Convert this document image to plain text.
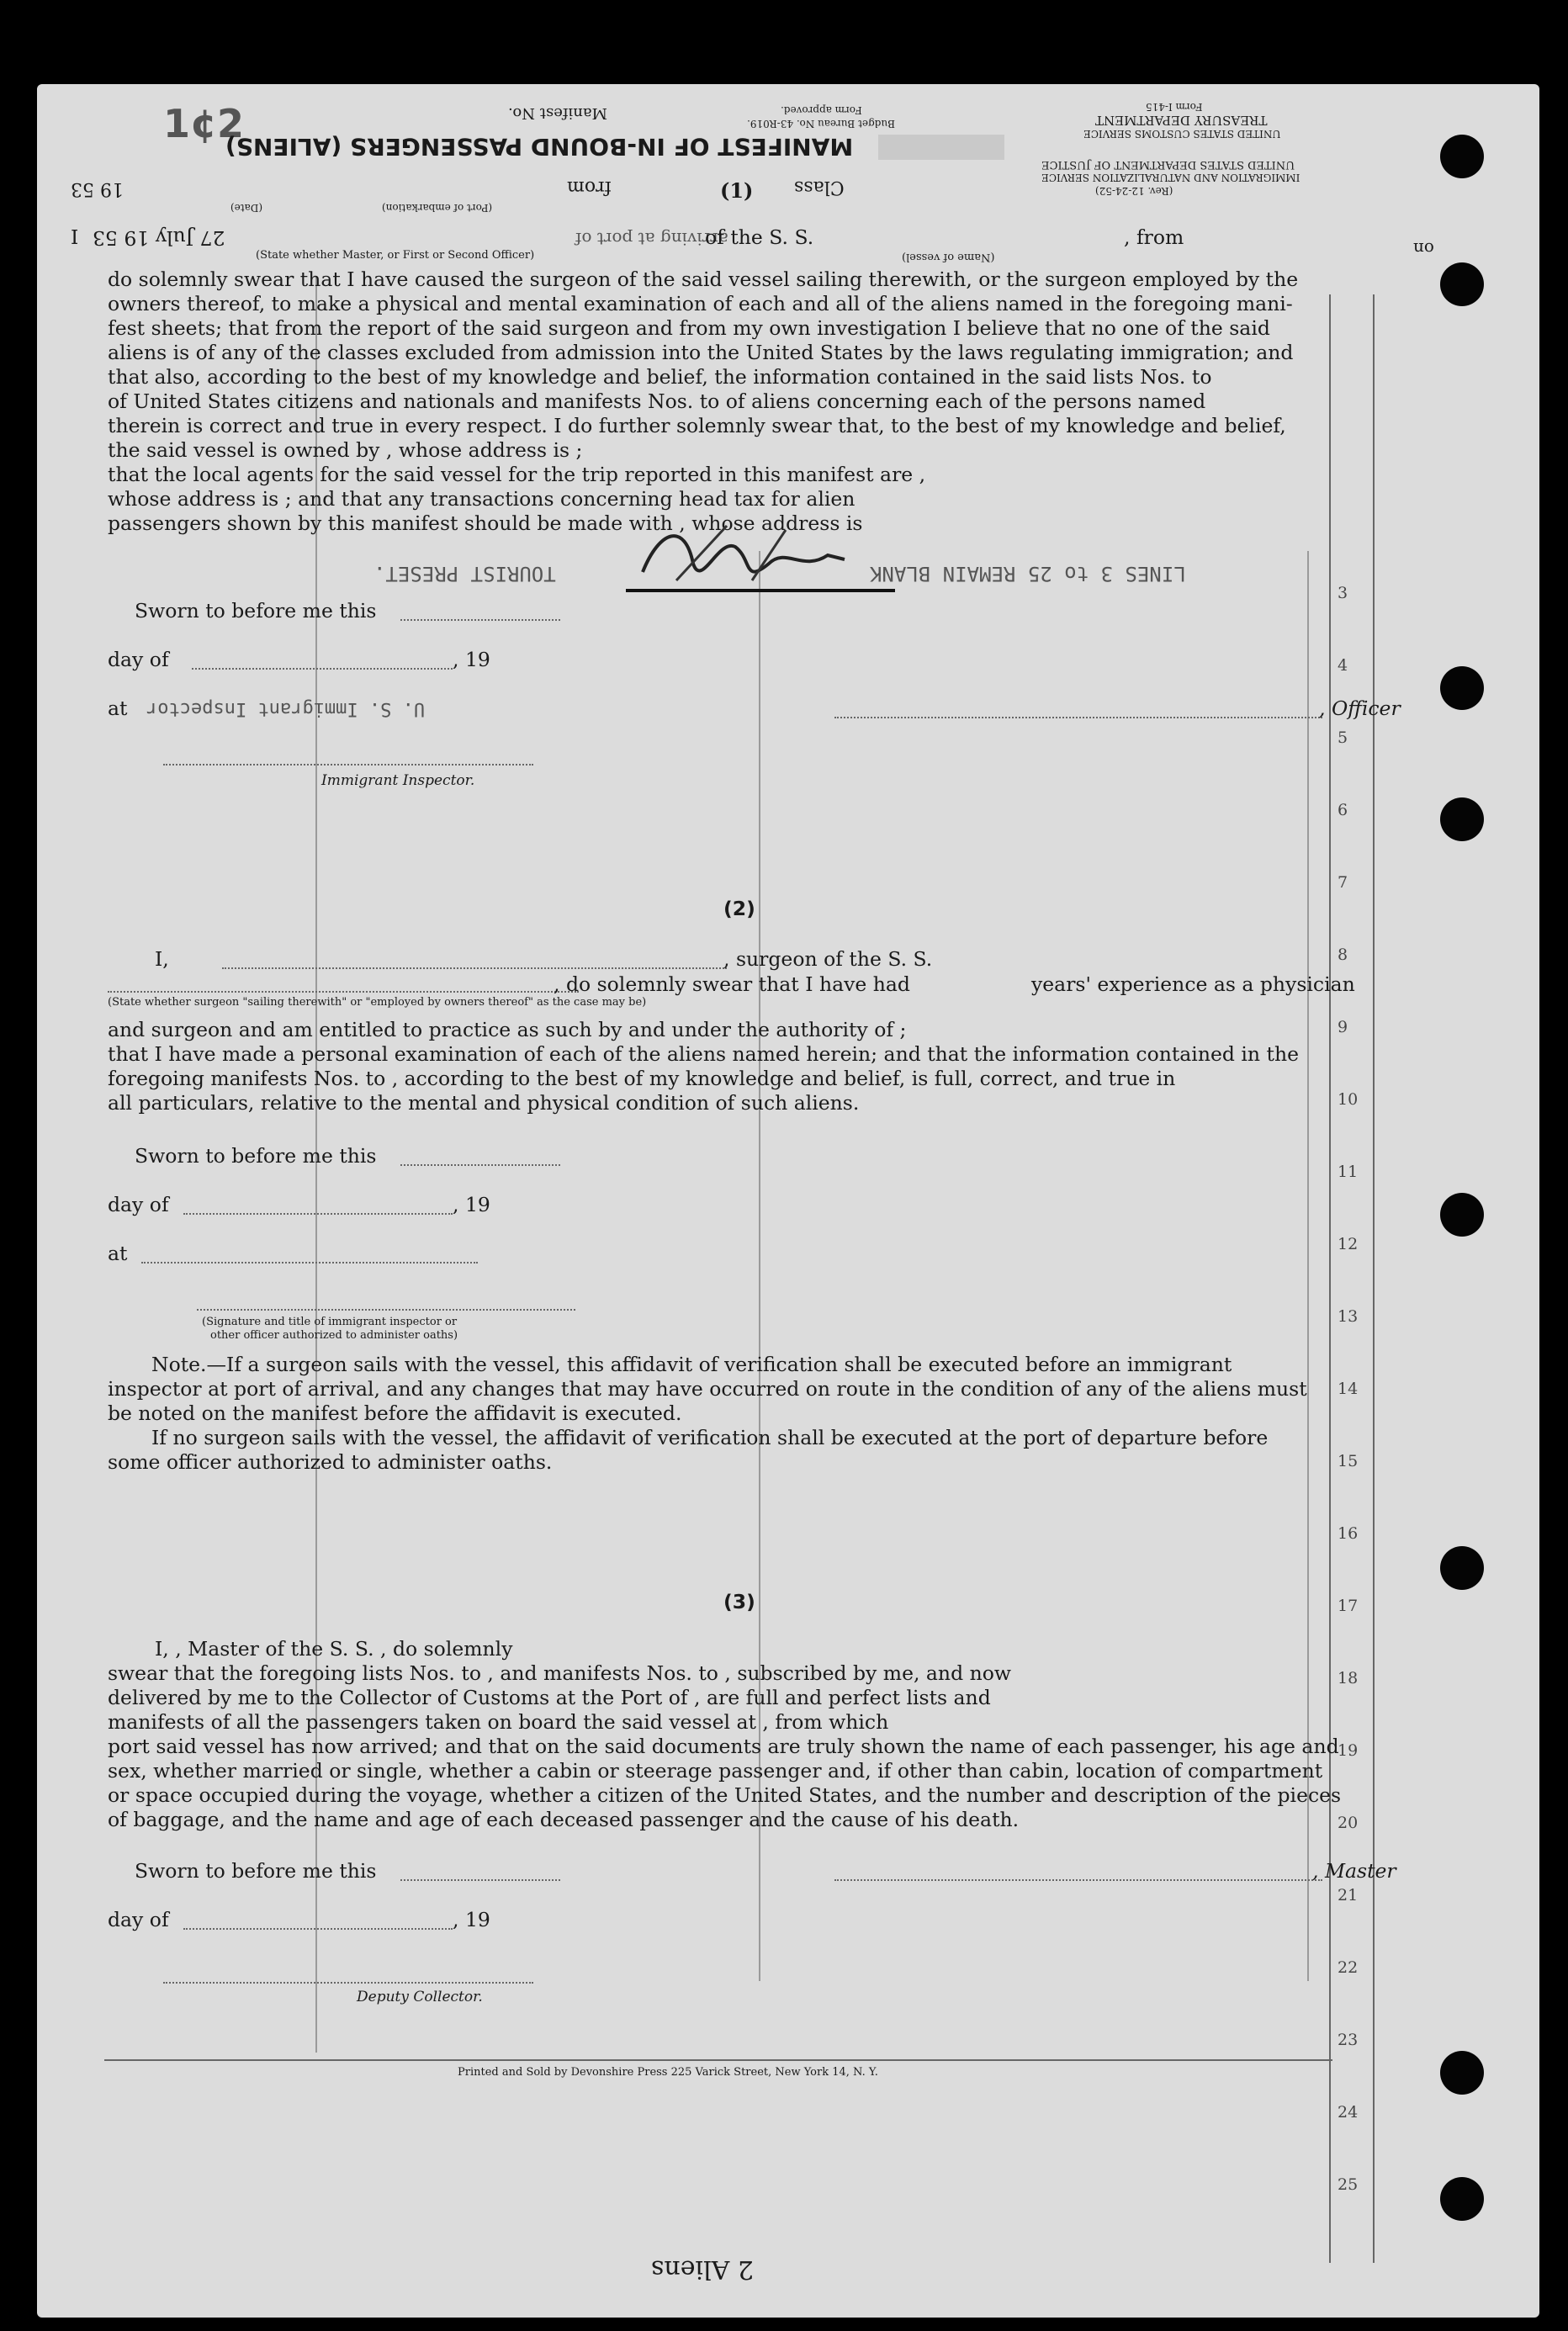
1¢2	Manifest No.
MANIFEST OF IN-BOUND PASSENGERS (ALIENS)
Form approved.
Budget Bureau No. 43-R019.
Form I-415
TREASURY DEPARTMENT
UNITED STATES CUSTOMS SERVICE
UNITED STATES DEPARTMENT OF JUSTICE
IMMIGRATION AND NATURALIZATION SERVICE
(Rev. 12-24-52)
Class
from
19 53
(Date)	(Port of embarkation)
(1)
I 27 July 19 53	arriving at port of
of the S. S.	, from	on
(State whether Master, or First or Second Officer)	(Name of vessel)
do solemnly swear that I have caused the surgeon of the said vessel sailing therewith, or the surgeon employed by the
owners thereof, to make a physical and mental examination of each and all of the aliens named in the foregoing mani-
fest sheets; that from the report of the said surgeon and from my own investigation I believe that no one of the said
aliens is of any of the classes excluded from admission into the United States by the laws regulating immigration; and
that also, according to the best of my knowledge and belief, the information contained in the said lists Nos. to
of United States citizens and nationals and manifests Nos. to of aliens concerning each of the persons named
therein is correct and true in every respect. I do further solemnly swear that, to the best of my knowledge and belief,
the said vessel is owned by , whose address is ;
that the local agents for the said vessel for the trip reported in this manifest are ,
whose address is ; and that any transactions concerning head tax for alien
passengers shown by this manifest should be made with , whose address is
TOURIST PRESET.	LINES 3 to 25 REMAIN BLANK
Sworn to before me this
day of	, 19
at U. S. Immigrant Inspector	, Officer
Immigrant Inspector.
(2)
I,	, surgeon of the S. S.
, do solemnly swear that I have had	years' experience as a physician
(State whether surgeon "sailing therewith" or "employed by owners thereof" as the case may be)
and surgeon and am entitled to practice as such by and under the authority of ;
that I have made a personal examination of each of the aliens named herein; and that the information contained in the
foregoing manifests Nos. to , according to the best of my knowledge and belief, is full, correct, and true in
all particulars, relative to the mental and physical condition of such aliens.
Sworn to before me this
day of	, 19
at
(Signature and title of immigrant inspector or
other officer authorized to administer oaths)
Note.—If a surgeon sails with the vessel, this affidavit of verification shall be executed before an immigrant
inspector at port of arrival, and any changes that may have occurred on route in the condition of any of the aliens must
be noted on the manifest before the affidavit is executed.
If no surgeon sails with the vessel, the affidavit of verification shall be executed at the port of departure before
some officer authorized to administer oaths.
(3)
I, , Master of the S. S. , do solemnly
swear that the foregoing lists Nos. to , and manifests Nos. to , subscribed by me, and now
delivered by me to the Collector of Customs at the Port of , are full and perfect lists and
manifests of all the passengers taken on board the said vessel at , from which
port said vessel has now arrived; and that on the said documents are truly shown the name of each passenger, his age and
sex, whether married or single, whether a cabin or steerage passenger and, if other than cabin, location of compartment
or space occupied during the voyage, whether a citizen of the United States, and the number and description of the pieces
of baggage, and the name and age of each deceased passenger and the cause of his death.
Sworn to before me this	, Master
day of	, 19
Deputy Collector.
Printed and Sold by Devonshire Press 225 Varick Street, New York 14, N. Y.
2 Aliens
3
4
5
6
7
8
9
10
11
12
13
14
15
16
17
18
19
20
21
22
23
24
25
